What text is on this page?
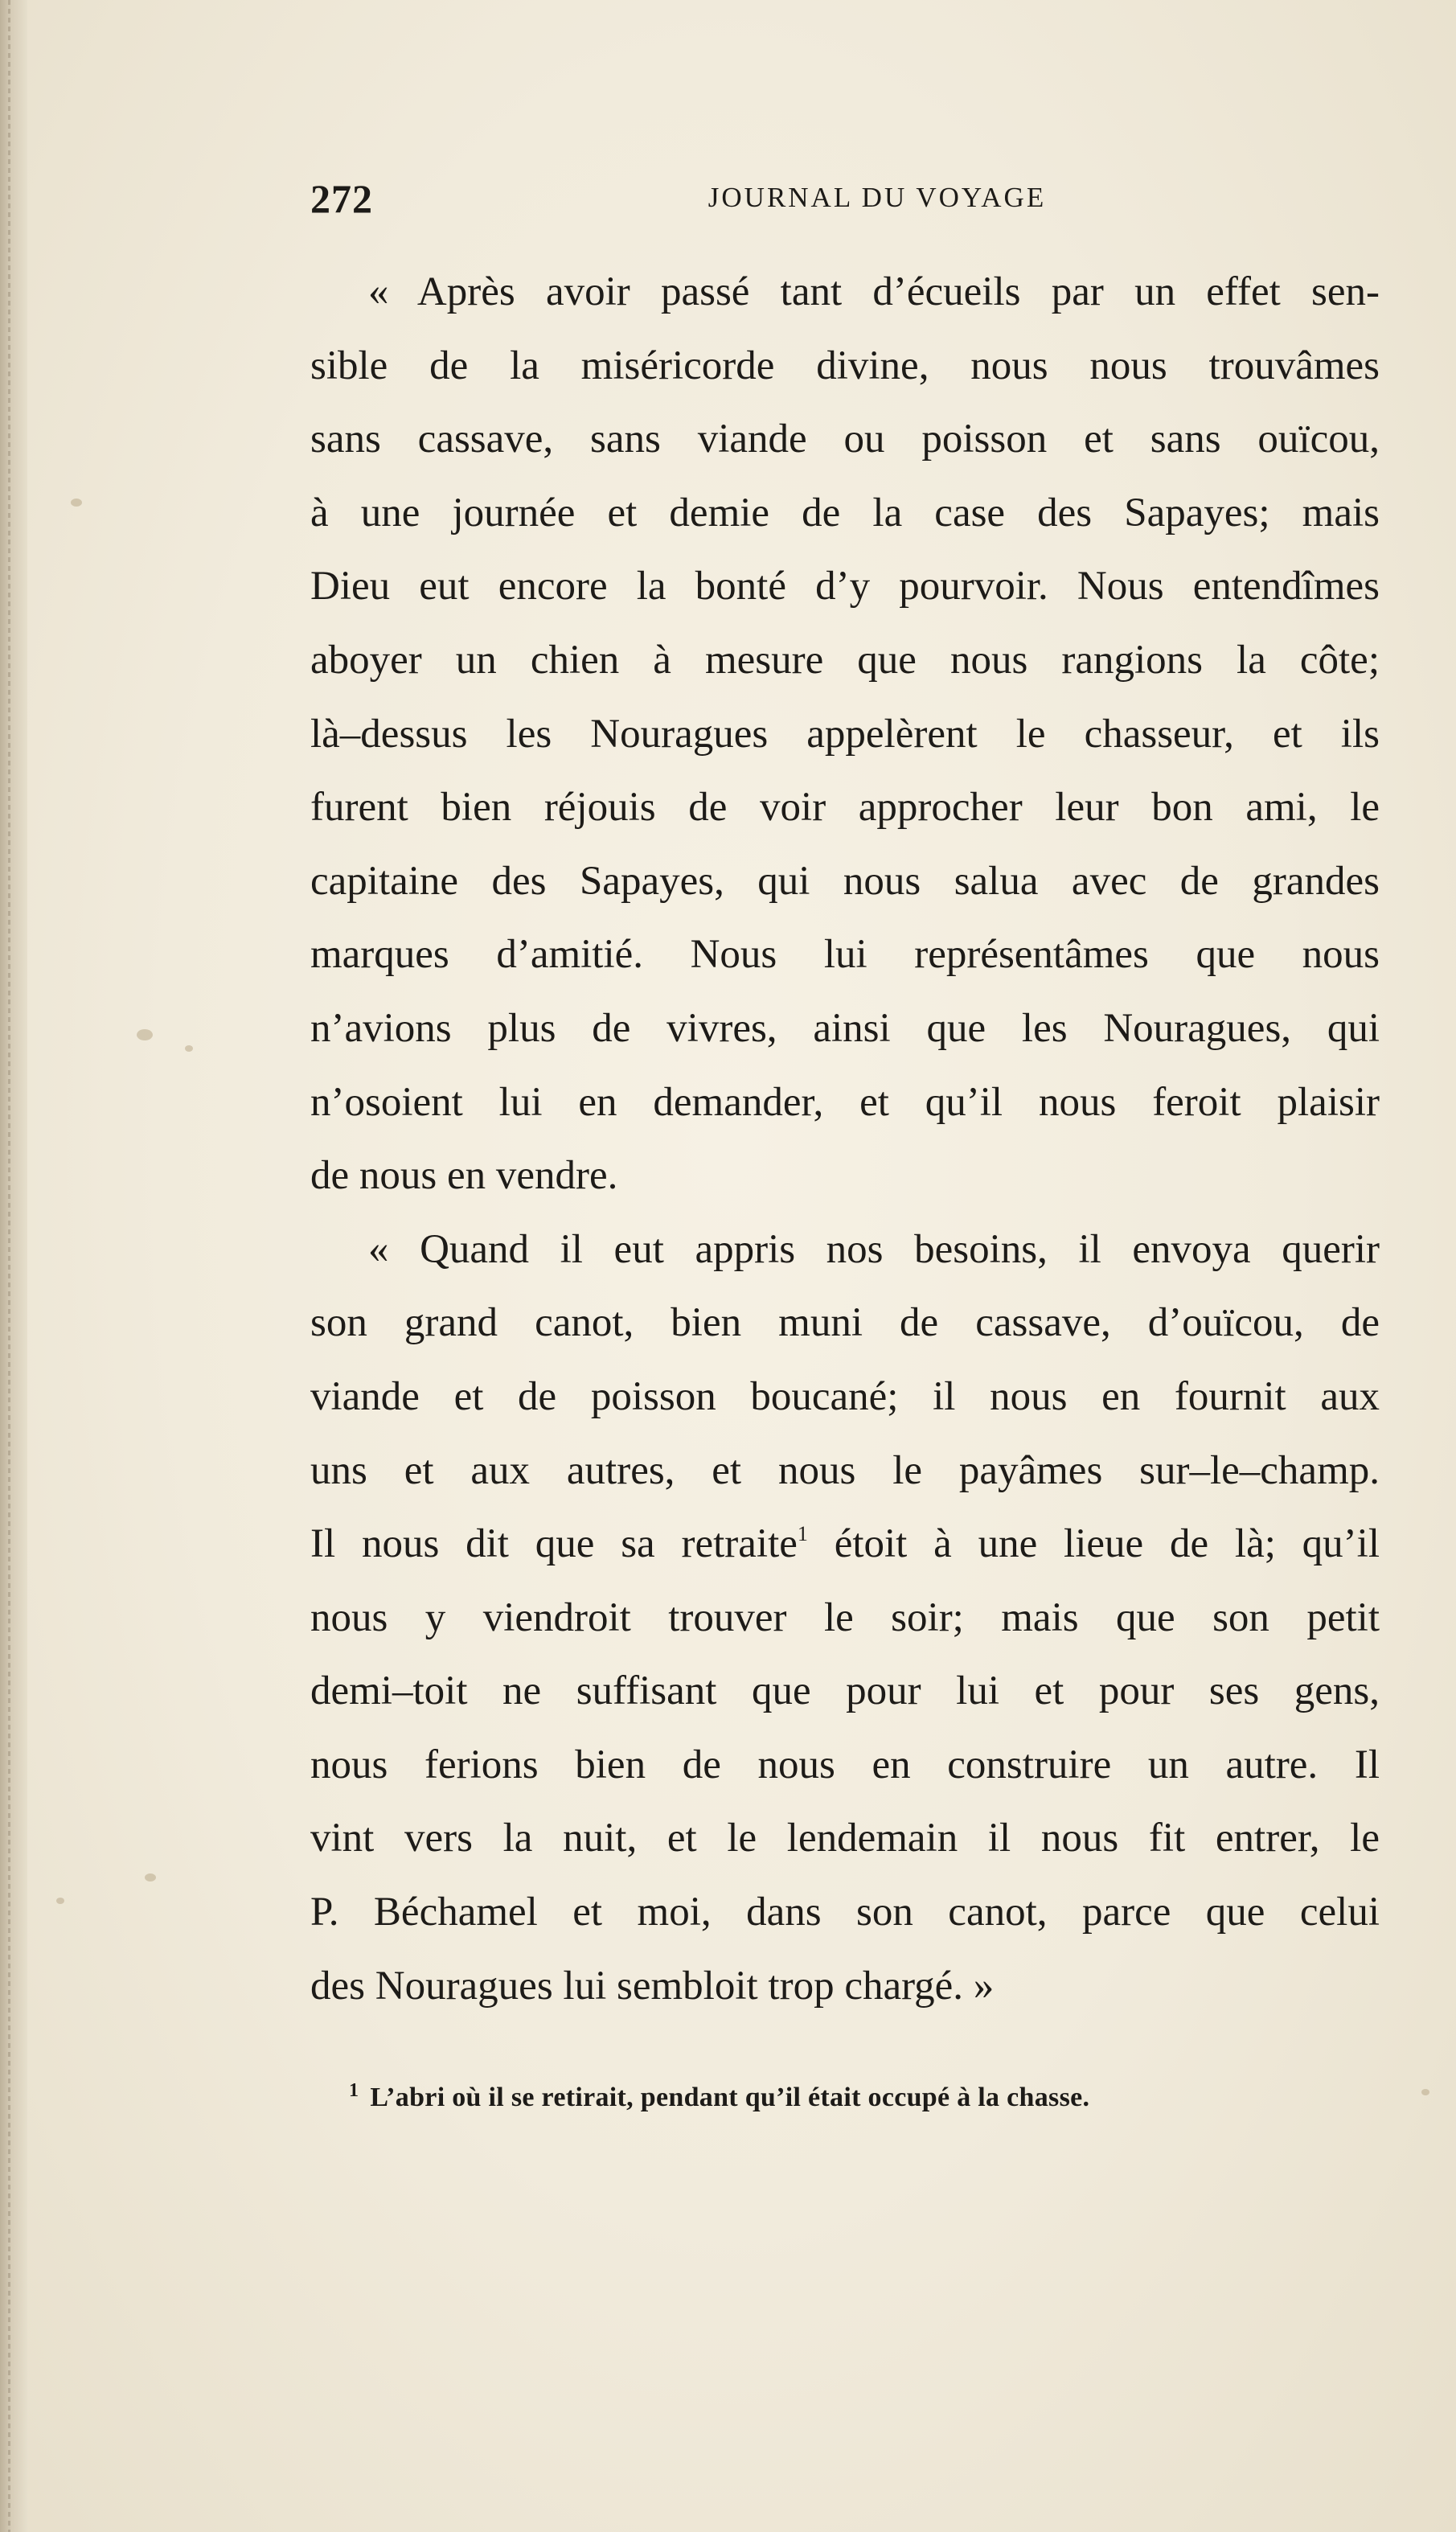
272	JOURNAL DU VOYAGE
« Après avoir passé tant d’écueils par un effet sen-
sible de la miséricorde divine, nous nous trouvâmes
sans cassave, sans viande ou poisson et sans ouïcou,
à une journée et demie de la case des Sapayes; mais
Dieu eut encore la bonté d’y pourvoir. Nous entendîmes
aboyer un chien à mesure que nous rangions la côte;
là–dessus les Nouragues appelèrent le chasseur, et ils
furent bien réjouis de voir approcher leur bon ami, le
capitaine des Sapayes, qui nous salua avec de grandes
marques d’amitié. Nous lui représentâmes que nous
n’avions plus de vivres, ainsi que les Nouragues, qui
n’osoient lui en demander, et qu’il nous feroit plaisir
de nous en vendre.
« Quand il eut appris nos besoins, il envoya querir
son grand canot, bien muni de cassave, d’ouïcou, de
viande et de poisson boucané; il nous en fournit aux
uns et aux autres, et nous le payâmes sur–le–champ.
Il nous dit que sa retraite$^1$ étoit à une lieue de là; qu’il
nous y viendroit trouver le soir; mais que son petit
demi–toit ne suffisant que pour lui et pour ses gens,
nous ferions bien de nous en construire un autre. Il
vint vers la nuit, et le lendemain il nous fit entrer, le
P. Béchamel et moi, dans son canot, parce que celui
des Nouragues lui sembloit trop chargé. »
$^1$ L’abri où il se retirait, pendant qu’il était occupé à la chasse.
